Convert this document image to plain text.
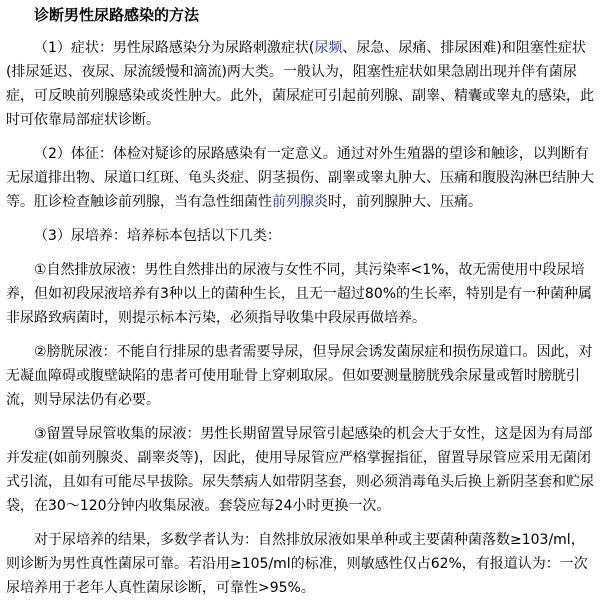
诊断男性尿路感染的方法

（1）症状：男性尿路感染分为尿路刺激症状(尿频、尿急、尿痛、排尿困难)和阻塞性症状(排尿延迟、夜尿、尿流缓慢和滴流)两大类。一般认为，阻塞性症状如果急剧出现并伴有菌尿症，可反映前列腺感染或炎性肿大。此外，菌尿症可引起前列腺、副睾、精囊或睾丸的感染，此时可依靠局部症状诊断。

（2）体征：体检对疑诊的尿路感染有一定意义。通过对外生殖器的望诊和触诊，以判断有无尿道排出物、尿道口红斑、龟头炎症、阴茎损伤、副睾或睾丸肿大、压痛和腹股沟淋巴结肿大等。肛诊检查触诊前列腺，当有急性细菌性前列腺炎时，前列腺肿大、压痛。

（3）尿培养：培养标本包括以下几类：

①自然排放尿液：男性自然排出的尿液与女性不同，其污染率<1%，故无需使用中段尿培养，但如初段尿液培养有3种以上的菌种生长，且无一超过80%的生长率，特别是有一种菌种属非尿路致病菌时，则提示标本污染，必须指导收集中段尿再做培养。

②膀胱尿液：不能自行排尿的患者需要导尿，但导尿会诱发菌尿症和损伤尿道口。因此，对无凝血障碍或腹壁缺陷的患者可使用耻骨上穿刺取尿。但如要测量膀胱残余尿量或暂时膀胱引流，则导尿法仍有必要。

③留置导尿管收集的尿液：男性长期留置导尿管引起感染的机会大于女性，这是因为有局部并发症(如前列腺炎、副睾炎等)，因此，使用导尿管应严格掌握指征，留置导尿管应采用无菌闭式引流，且如有可能尽早拔除。尿失禁病人如带阴茎套，则必须消毒龟头后换上新阴茎套和贮尿袋，在30～120分钟内收集尿液。套袋应每24小时更换一次。

对于尿培养的结果，多数学者认为：自然排放尿液如果单种或主要菌种菌落数≥103/ml，则诊断为男性真性菌尿可靠。若沿用≥105/ml的标准，则敏感性仅占62%，有报道认为：一次尿培养用于老年人真性菌尿诊断，可靠性>95%。
